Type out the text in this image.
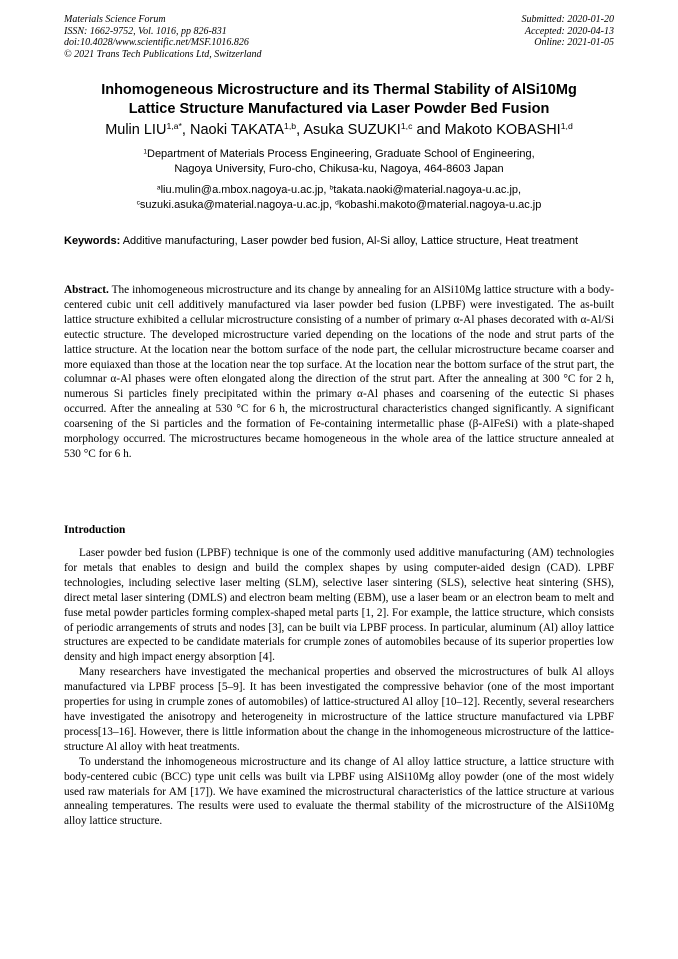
Materials Science Forum
ISSN: 1662-9752, Vol. 1016, pp 826-831
doi:10.4028/www.scientific.net/MSF.1016.826
© 2021 Trans Tech Publications Ltd, Switzerland
Submitted: 2020-01-20
Accepted: 2020-04-13
Online: 2021-01-05
Inhomogeneous Microstructure and its Thermal Stability of AlSi10Mg
Lattice Structure Manufactured via Laser Powder Bed Fusion
Mulin $LIU^{1,a*}$, Naoki TAKATA$^{1,b}$, Asuka SUZUKI$^{1,c}$ and Makoto KOBASHI$^{1,d}$
$^1$Department of Materials Process Engineering, Graduate School of Engineering,
Nagoya University, Furo-cho, Chikusa-ku, Nagoya, 464-8603 Japan
$^a$liu.mulin@a.mbox.nagoya-u.ac.jp, $^b$takata.naoki@material.nagoya-u.ac.jp,
$^c$suzuki.asuka@material.nagoya-u.ac.jp, $^d$kobashi.makoto@material.nagoya-u.ac.jp
Keywords: Additive manufacturing, Laser powder bed fusion, Al-Si alloy, Lattice structure, Heat treatment
Abstract. The inhomogeneous microstructure and its change by annealing for an AlSi10Mg lattice structure with a body-centered cubic unit cell additively manufactured via laser powder bed fusion (LPBF) were investigated. The as-built lattice structure exhibited a cellular microstructure consisting of a number of primary α-Al phases decorated with α-Al/Si eutectic structure. The developed microstructure varied depending on the locations of the node and strut parts of the lattice structure. At the location near the bottom surface of the node part, the cellular microstructure became coarser and more equiaxed than those at the location near the top surface. At the location near the bottom surface of the strut part, the columnar α-Al phases were often elongated along the direction of the strut part. After the annealing at 300 °C for 2 h, numerous Si particles finely precipitated within the primary α-Al phases and coarsening of the eutectic Si phases occurred. After the annealing at 530 °C for 6 h, the microstructural characteristics changed significantly. A significant coarsening of the Si particles and the formation of Fe-containing intermetallic phase (β-AlFeSi) with a plate-shaped morphology occurred. The microstructures became homogeneous in the whole area of the lattice structure annealed at 530 °C for 6 h.
Introduction

Laser powder bed fusion (LPBF) technique is one of the commonly used additive manufacturing (AM) technologies for metals that enables to design and build the complex shapes by using computer-aided design (CAD). LPBF technologies, including selective laser melting (SLM), selective laser sintering (SLS), selective heat sintering (SHS), direct metal laser sintering (DMLS) and electron beam melting (EBM), use a laser beam or an electron beam to melt and fuse metal powder particles forming complex-shaped metal parts [1, 2]. For example, the lattice structure, which consists of periodic arrangements of struts and nodes [3], can be built via LPBF process. In particular, aluminum (Al) alloy lattice structures are expected to be candidate materials for crumple zones of automobiles because of its superior properties low density and high impact energy absorption [4].

Many researchers have investigated the mechanical properties and observed the microstructures of bulk Al alloys manufactured via LPBF process [5–9]. It has been investigated the compressive behavior (one of the most important properties for using in crumple zones of automobiles) of lattice-structured Al alloy [10–12]. Recently, several researchers have investigated the anisotropy and heterogeneity in microstructure of the lattice structure manufactured via LPBF process[13–16]. However, there is little information about the change in the inhomogeneous microstructure of the lattice-structure Al alloy with heat treatments.

To understand the inhomogeneous microstructure and its change of Al alloy lattice structure, a lattice structure with body-centered cubic (BCC) type unit cells was built via LPBF using AlSi10Mg alloy powder (one of the most widely used raw materials for AM [17]). We have examined the microstructural characteristics of the lattice structure at various annealing temperatures. The results were used to evaluate the thermal stability of the microstructure of the AlSi10Mg alloy lattice structure.
